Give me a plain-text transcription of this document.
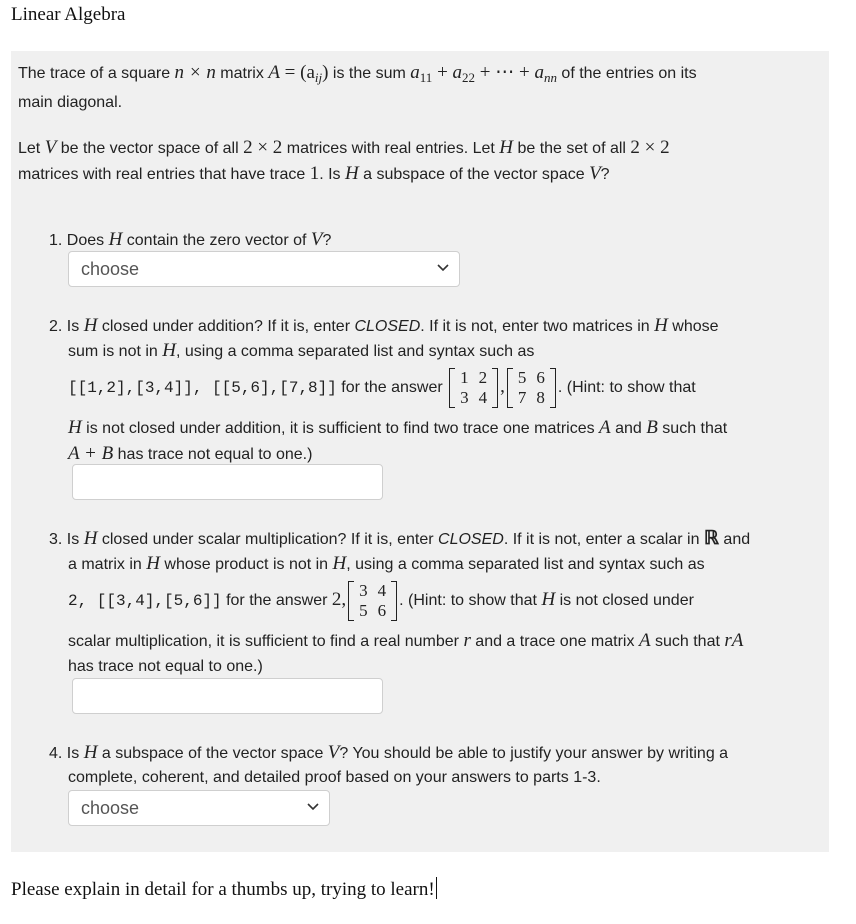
Linear Algebra
The trace of a square n × n matrix $A = (a_{ij})$ is the sum $a_{11} + a_{22}$ + ⋯ + $a_{nn}$ of the entries on its
main diagonal.
Let V be the vector space of all 2 × 2 matrices with real entries. Let H be the set of all 2 × 2
matrices with real entries that have trace 1. Is H a subspace of the vector space V?
1. Does H contain the zero vector of V?
choose
2. Is H closed under addition? If it is, enter CLOSED. If it is not, enter two matrices in H whose
sum is not in H, using a comma separated list and syntax such as
[[1,2],[3,4]], [[5,6],[7,8]] for the answer
1	2
3	4
, 5	6
7	8
. (Hint: to show that
H is not closed under addition, it is sufficient to find two trace one matrices A and B such that
A + B has trace not equal to one.)
3. Is H closed under scalar multiplication? If it is, enter CLOSED. If it is not, enter a scalar in ℝ and
a matrix in H whose product is not in H, using a comma separated list and syntax such as
2, [[3,4],[5,6]] for the answer 2, 3	4
5	6
. (Hint: to show that H is not closed under
scalar multiplication, it is sufficient to find a real number r and a trace one matrix A such that rA
has trace not equal to one.)
4. Is H a subspace of the vector space V? You should be able to justify your answer by writing a
complete, coherent, and detailed proof based on your answers to parts 1-3.
choose
Please explain in detail for a thumbs up, trying to learn!
